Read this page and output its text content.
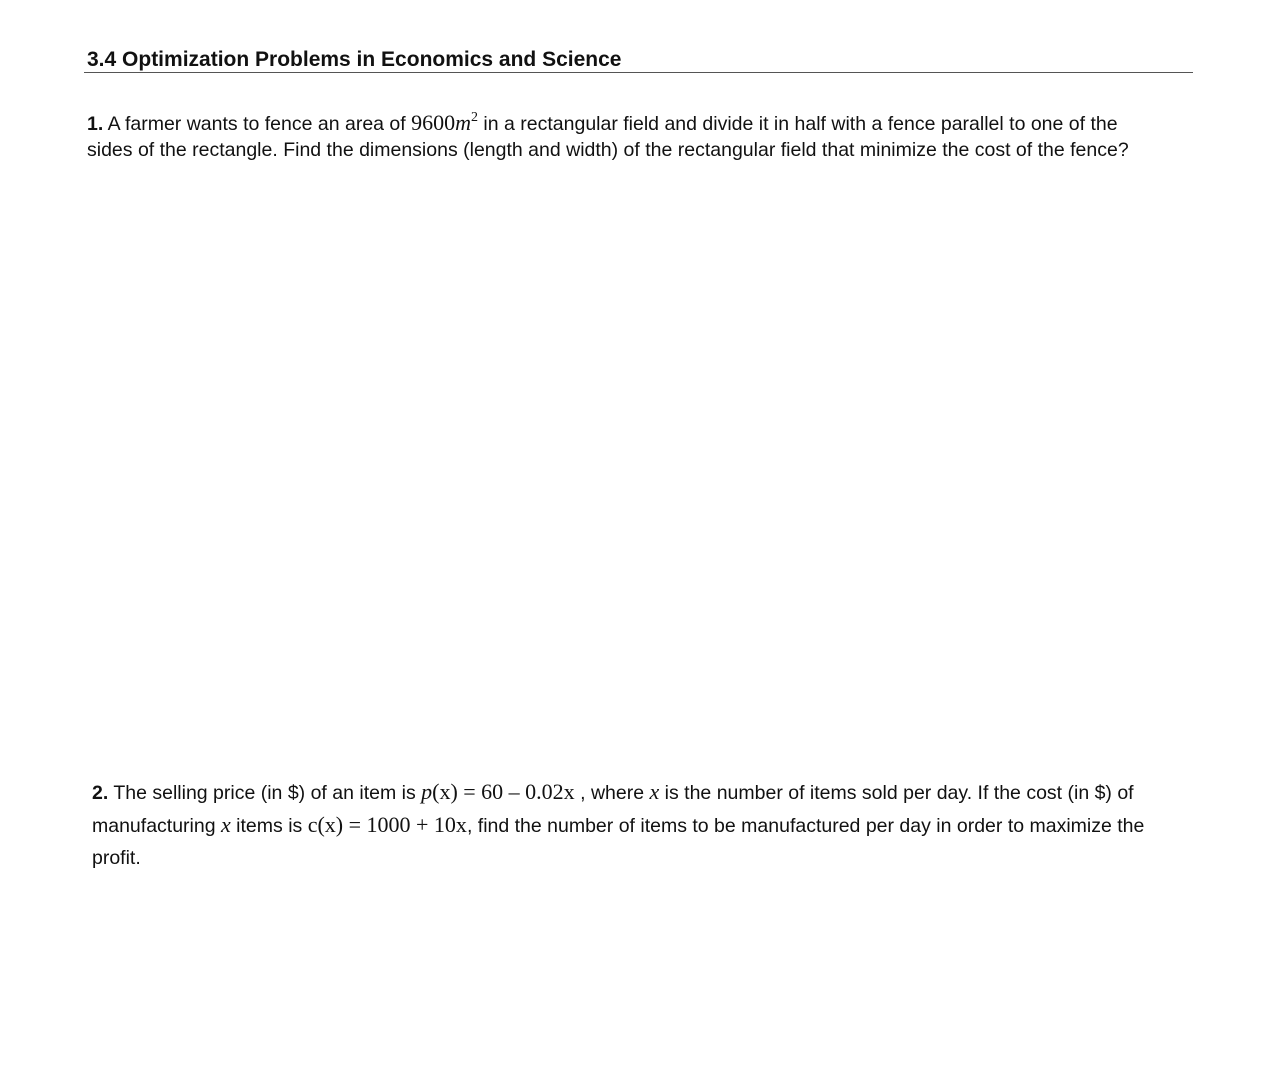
3.4 Optimization Problems in Economics and Science
1. A farmer wants to fence an area of $9600m^2$ in a rectangular field and divide it in half with a fence parallel to one of the
sides of the rectangle. Find the dimensions (length and width) of the rectangular field that minimize the cost of the fence?
2. The selling price (in $) of an item is p(x) = 60 – 0.02x , where x is the number of items sold per day. If the cost (in $) of
manufacturing x items is c(x) = 1000 + 10x, find the number of items to be manufactured per day in order to maximize the
profit.
